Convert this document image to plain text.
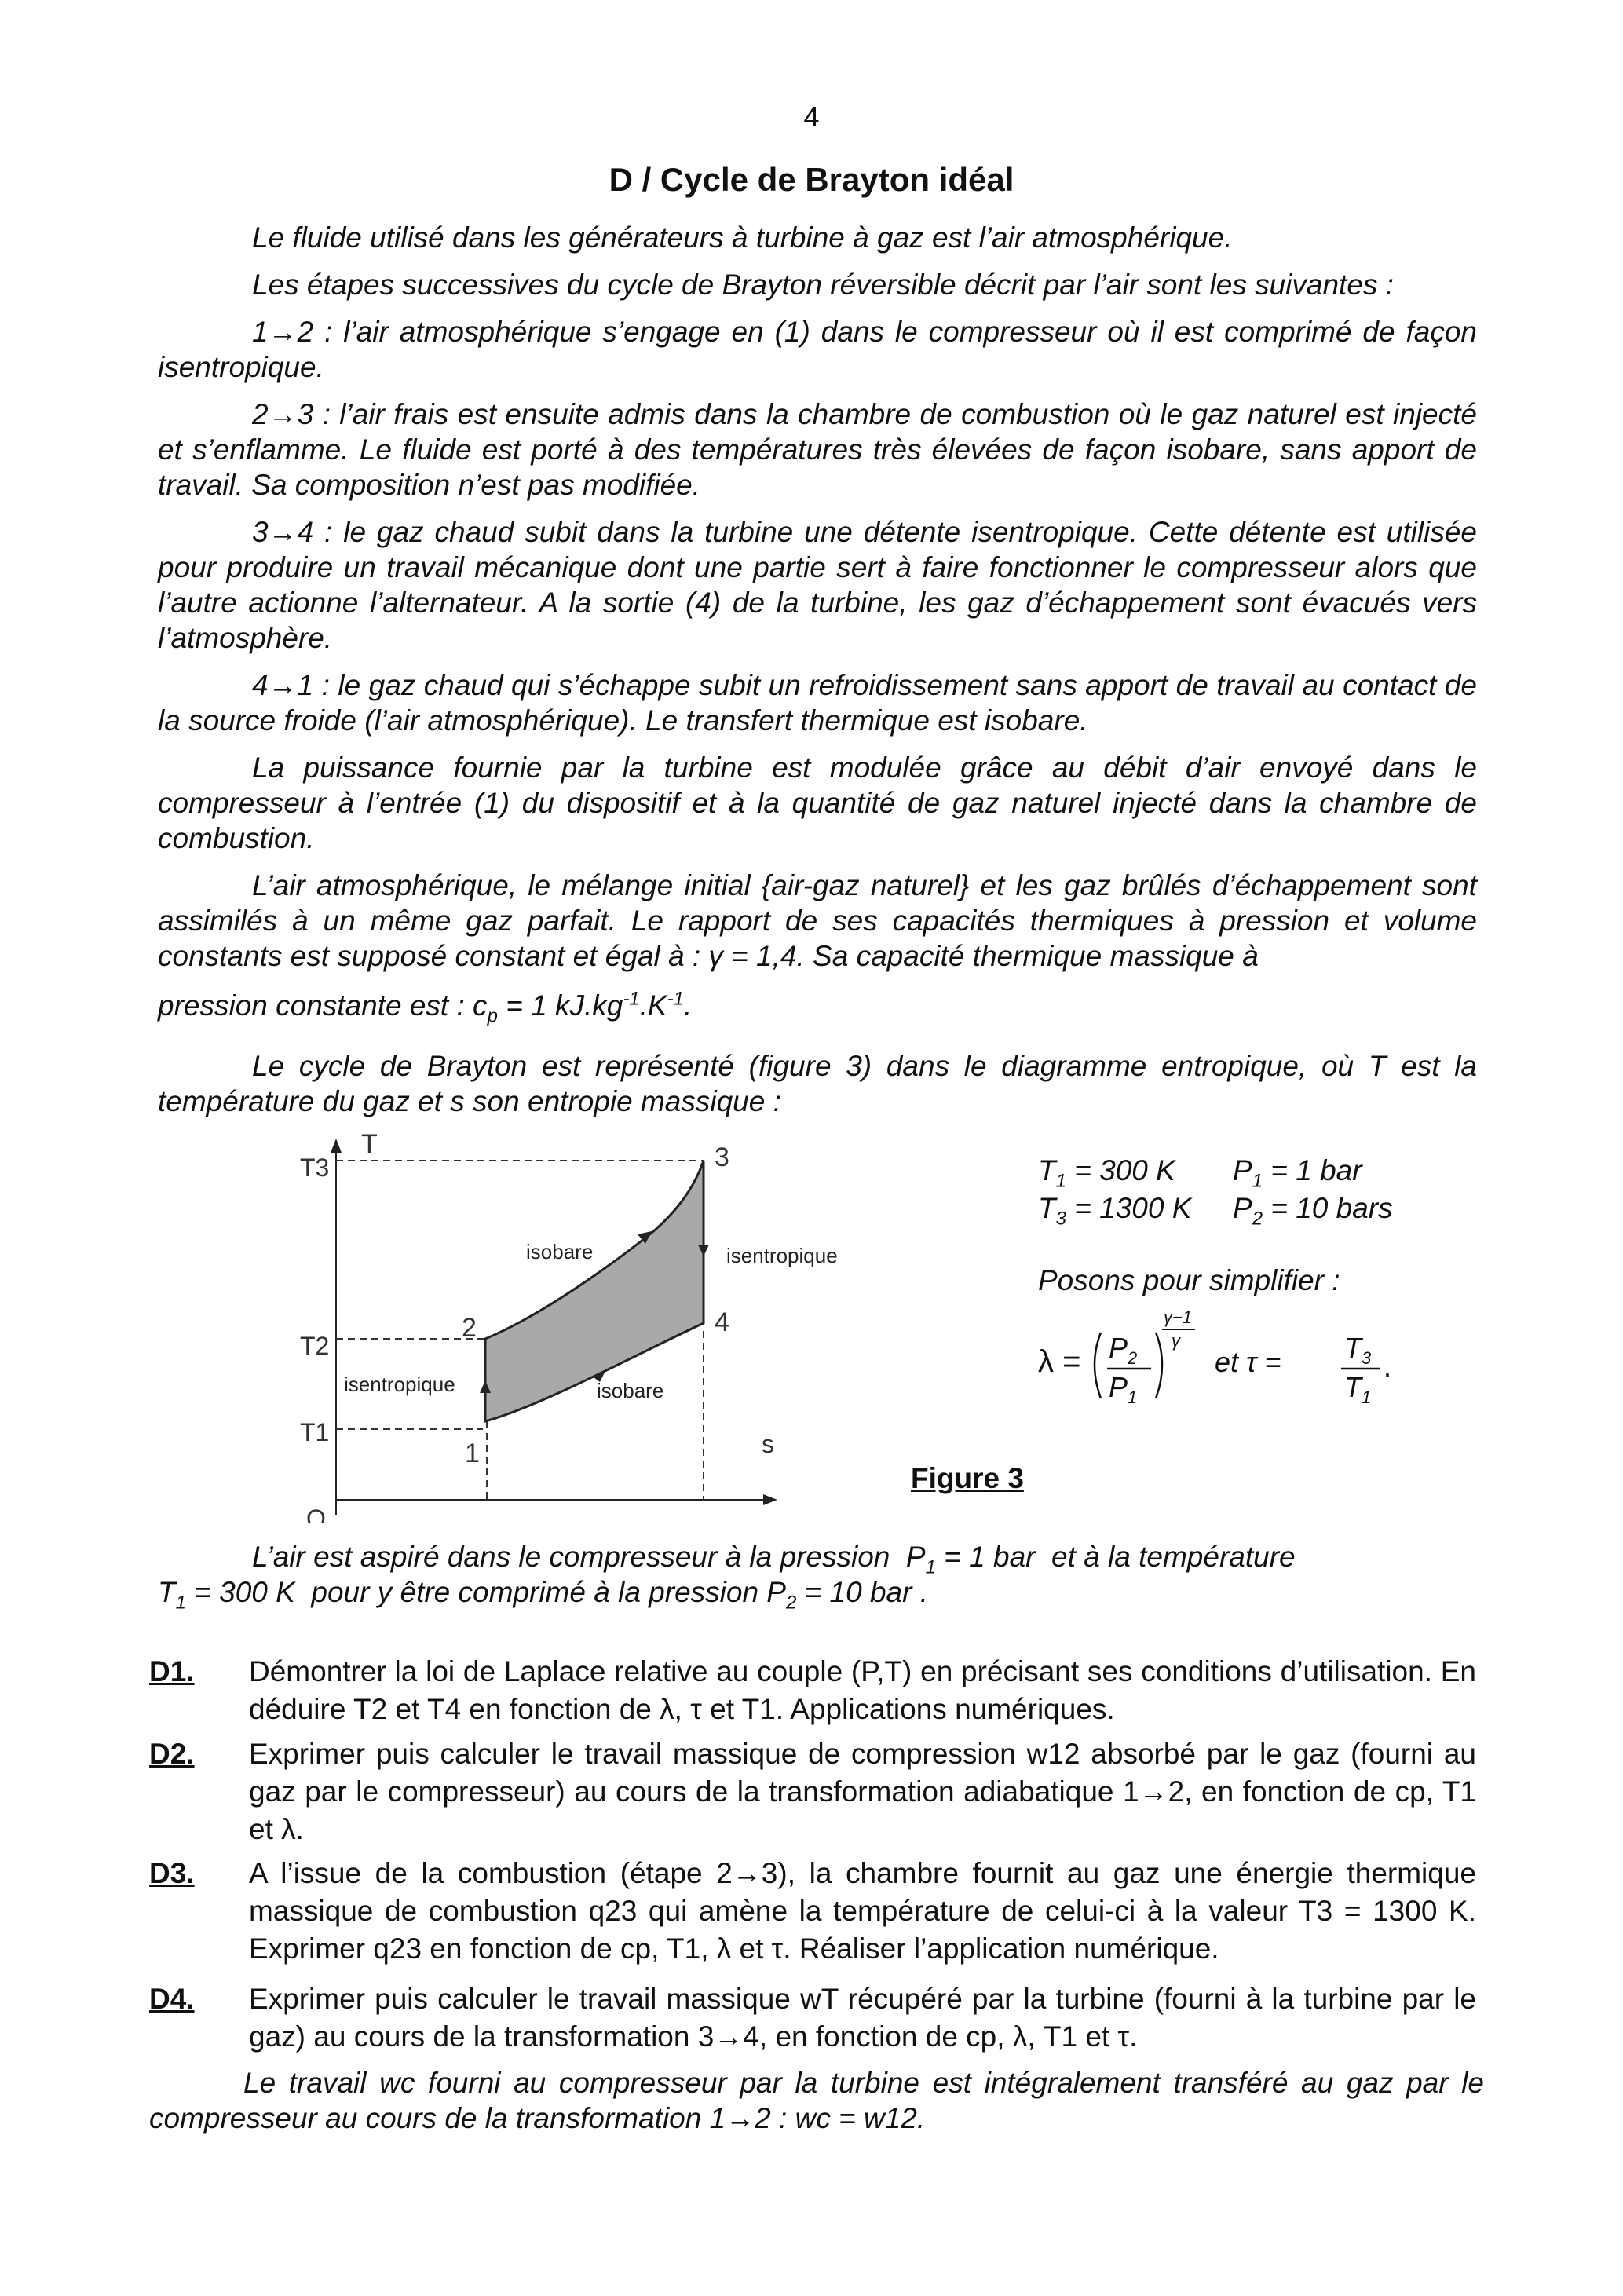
4
D / Cycle de Brayton idéal

Le fluide utilisé dans les générateurs à turbine à gaz est l’air atmosphérique.

Les étapes successives du cycle de Brayton réversible décrit par l’air sont les suivantes :

1→2 : l’air atmosphérique s’engage en (1) dans le compresseur où il est comprimé de façon isentropique.

2→3 : l’air frais est ensuite admis dans la chambre de combustion où le gaz naturel est injecté et s’enflamme. Le fluide est porté à des températures très élevées de façon isobare, sans apport de travail. Sa composition n’est pas modifiée.

3→4 : le gaz chaud subit dans la turbine une détente isentropique. Cette détente est utilisée pour produire un travail mécanique dont une partie sert à faire fonctionner le compresseur alors que l’autre actionne l’alternateur. A la sortie (4) de la turbine, les gaz d’échappement sont évacués vers l’atmosphère.

4→1 : le gaz chaud qui s’échappe subit un refroidissement sans apport de travail au contact de la source froide (l’air atmosphérique). Le transfert thermique est isobare.

La puissance fournie par la turbine est modulée grâce au débit d’air envoyé dans le compresseur à l’entrée (1) du dispositif et à la quantité de gaz naturel injecté dans la chambre de combustion.

L’air atmosphérique, le mélange initial {air-gaz naturel} et les gaz brûlés d’échappement sont assimilés à un même gaz parfait. Le rapport de ses capacités thermiques à pression et volume constants est supposé constant et égal à : γ = 1,4. Sa capacité thermique massique à

pression constante est : $c_p = 1$ $kJ.kg^{-1}.K^{-1}$.

Le cycle de Brayton est représenté (figure 3) dans le diagramme entropique, où T est la température du gaz et s son entropie massique :

T
T3
T2
T1
O
3
2	4
1	s
isobare
isobare
isentropique
isentropique
Figure 3
$T_1 = 300$ K $P_1 = 1$ bar
$T_3 = 1300$ K $P_2 = 10$ bars
Posons pour simplifier :
$\lambda = P_2$
$P_1$
γ−1
γ
et $\tau = T_3$
$T_1$
.

L’air est aspiré dans le compresseur à la pression  $P_1 = 1$ bar  et à la température
$T_1 = 300$ K  pour y être comprimé à la pression $P_2 = 10$ bar .

D1. Démontrer la loi de Laplace relative au couple (P,T) en précisant ses conditions d’utilisation. En déduire T2 et T4 en fonction de λ, τ et T1. Applications numériques.
D2. Exprimer puis calculer le travail massique de compression w12 absorbé par le gaz (fourni au gaz par le compresseur) au cours de la transformation adiabatique 1→2, en fonction de cp, T1 et λ.
D3. A l’issue de la combustion (étape 2→3), la chambre fournit au gaz une énergie thermique massique de combustion q23 qui amène la température de celui-ci à la valeur T3 = 1300 K. Exprimer q23 en fonction de cp, T1, λ et τ. Réaliser l’application numérique.
D4. Exprimer puis calculer le travail massique wT récupéré par la turbine (fourni à la turbine par le gaz) au cours de la transformation 3→4, en fonction de cp, λ, T1 et τ.

Le travail wc fourni au compresseur par la turbine est intégralement transféré au gaz par le compresseur au cours de la transformation 1→2 : wc = w12.
